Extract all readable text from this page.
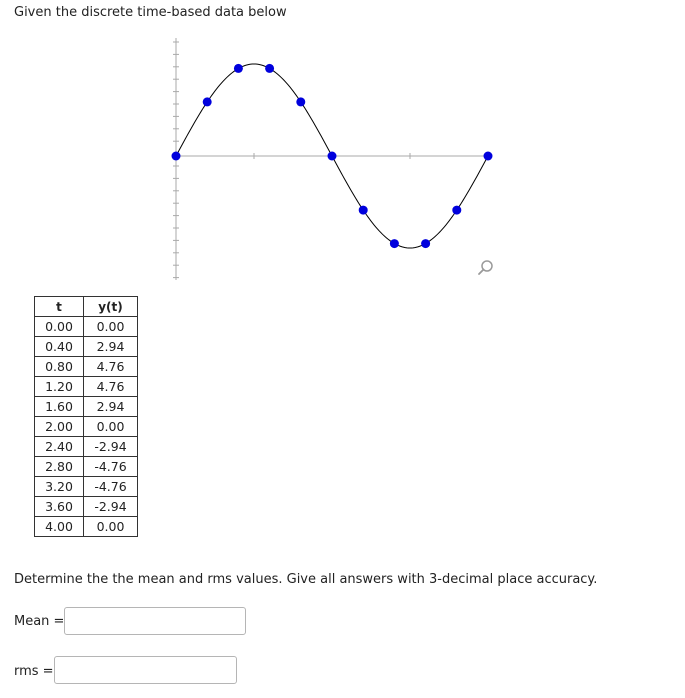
Given the discrete time-based data below
t	y(t)
0.00	0.00
0.40	2.94
0.80	4.76
1.20	4.76
1.60	2.94
2.00	0.00
2.40	-2.94
2.80	-4.76
3.20	-4.76
3.60	-2.94
4.00	0.00
Determine the the mean and rms values. Give all answers with 3-decimal place accuracy.
Mean =
rms =
